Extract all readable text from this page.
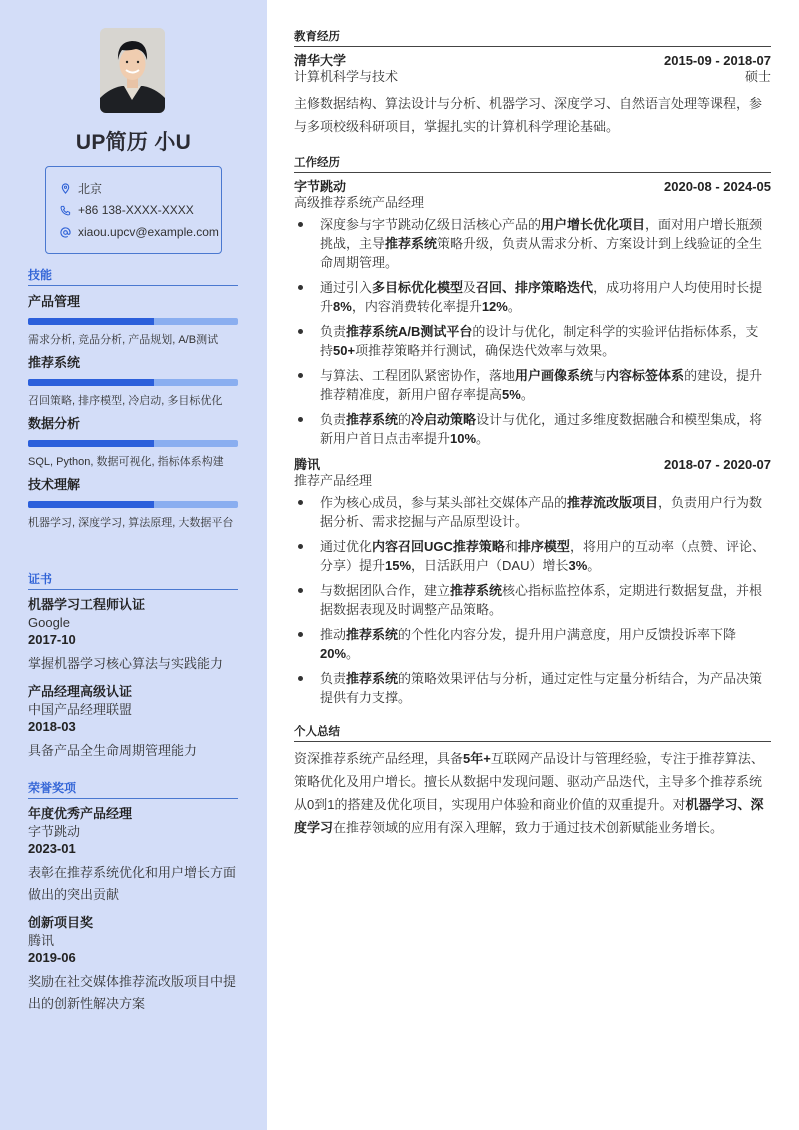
UP简历 小U
北京
+86 138-XXXX-XXXX
xiaou.upcv@example.com
技能
产品管理
需求分析, 竞品分析, 产品规划, A/B测试
推荐系统
召回策略, 排序模型, 冷启动, 多目标优化
数据分析
SQL, Python, 数据可视化, 指标体系构建
技术理解
机器学习, 深度学习, 算法原理, 大数据平台
证书
机器学习工程师认证
Google
2017-10
掌握机器学习核心算法与实践能力
产品经理高级认证
中国产品经理联盟
2018-03
具备产品全生命周期管理能力
荣誉奖项
年度优秀产品经理
字节跳动
2023-01
表彰在推荐系统优化和用户增长方面做出的突出贡献
创新项目奖
腾讯
2019-06
奖励在社交媒体推荐流改版项目中提出的创新性解决方案
教育经历
清华大学	2015-09 - 2018-07
计算机科学与技术	硕士

主修数据结构、算法设计与分析、机器学习、深度学习、自然语言处理等课程，参与多项校级科研项目，掌握扎实的计算机科学理论基础。

工作经历
字节跳动	2020-08 - 2024-05
高级推荐系统产品经理
深度参与字节跳动亿级日活核心产品的用户增长优化项目，面对用户增长瓶颈挑战，主导推荐系统策略升级，负责从需求分析、方案设计到上线验证的全生命周期管理。
通过引入多目标优化模型及召回、排序策略迭代，成功将用户人均使用时长提升8%，内容消费转化率提升12%。
负责推荐系统A/B测试平台的设计与优化，制定科学的实验评估指标体系，支持50+项推荐策略并行测试，确保迭代效率与效果。
与算法、工程团队紧密协作，落地用户画像系统与内容标签体系的建设，提升推荐精准度，新用户留存率提高5%。
负责推荐系统的冷启动策略设计与优化，通过多维度数据融合和模型集成，将新用户首日点击率提升10%。
腾讯	2018-07 - 2020-07
推荐产品经理
作为核心成员，参与某头部社交媒体产品的推荐流改版项目，负责用户行为数据分析、需求挖掘与产品原型设计。
通过优化内容召回UGC推荐策略和排序模型，将用户的互动率（点赞、评论、分享）提升15%，日活跃用户（DAU）增长3%。
与数据团队合作，建立推荐系统核心指标监控体系，定期进行数据复盘，并根据数据表现及时调整产品策略。
推动推荐系统的个性化内容分发，提升用户满意度，用户反馈投诉率下降20%。
负责推荐系统的策略效果评估与分析，通过定性与定量分析结合，为产品决策提供有力支撑。
个人总结

资深推荐系统产品经理，具备5年+互联网产品设计与管理经验，专注于推荐算法、策略优化及用户增长。擅长从数据中发现问题、驱动产品迭代，主导多个推荐系统从0到1的搭建及优化项目，实现用户体验和商业价值的双重提升。对机器学习、深度学习在推荐领域的应用有深入理解，致力于通过技术创新赋能业务增长。
